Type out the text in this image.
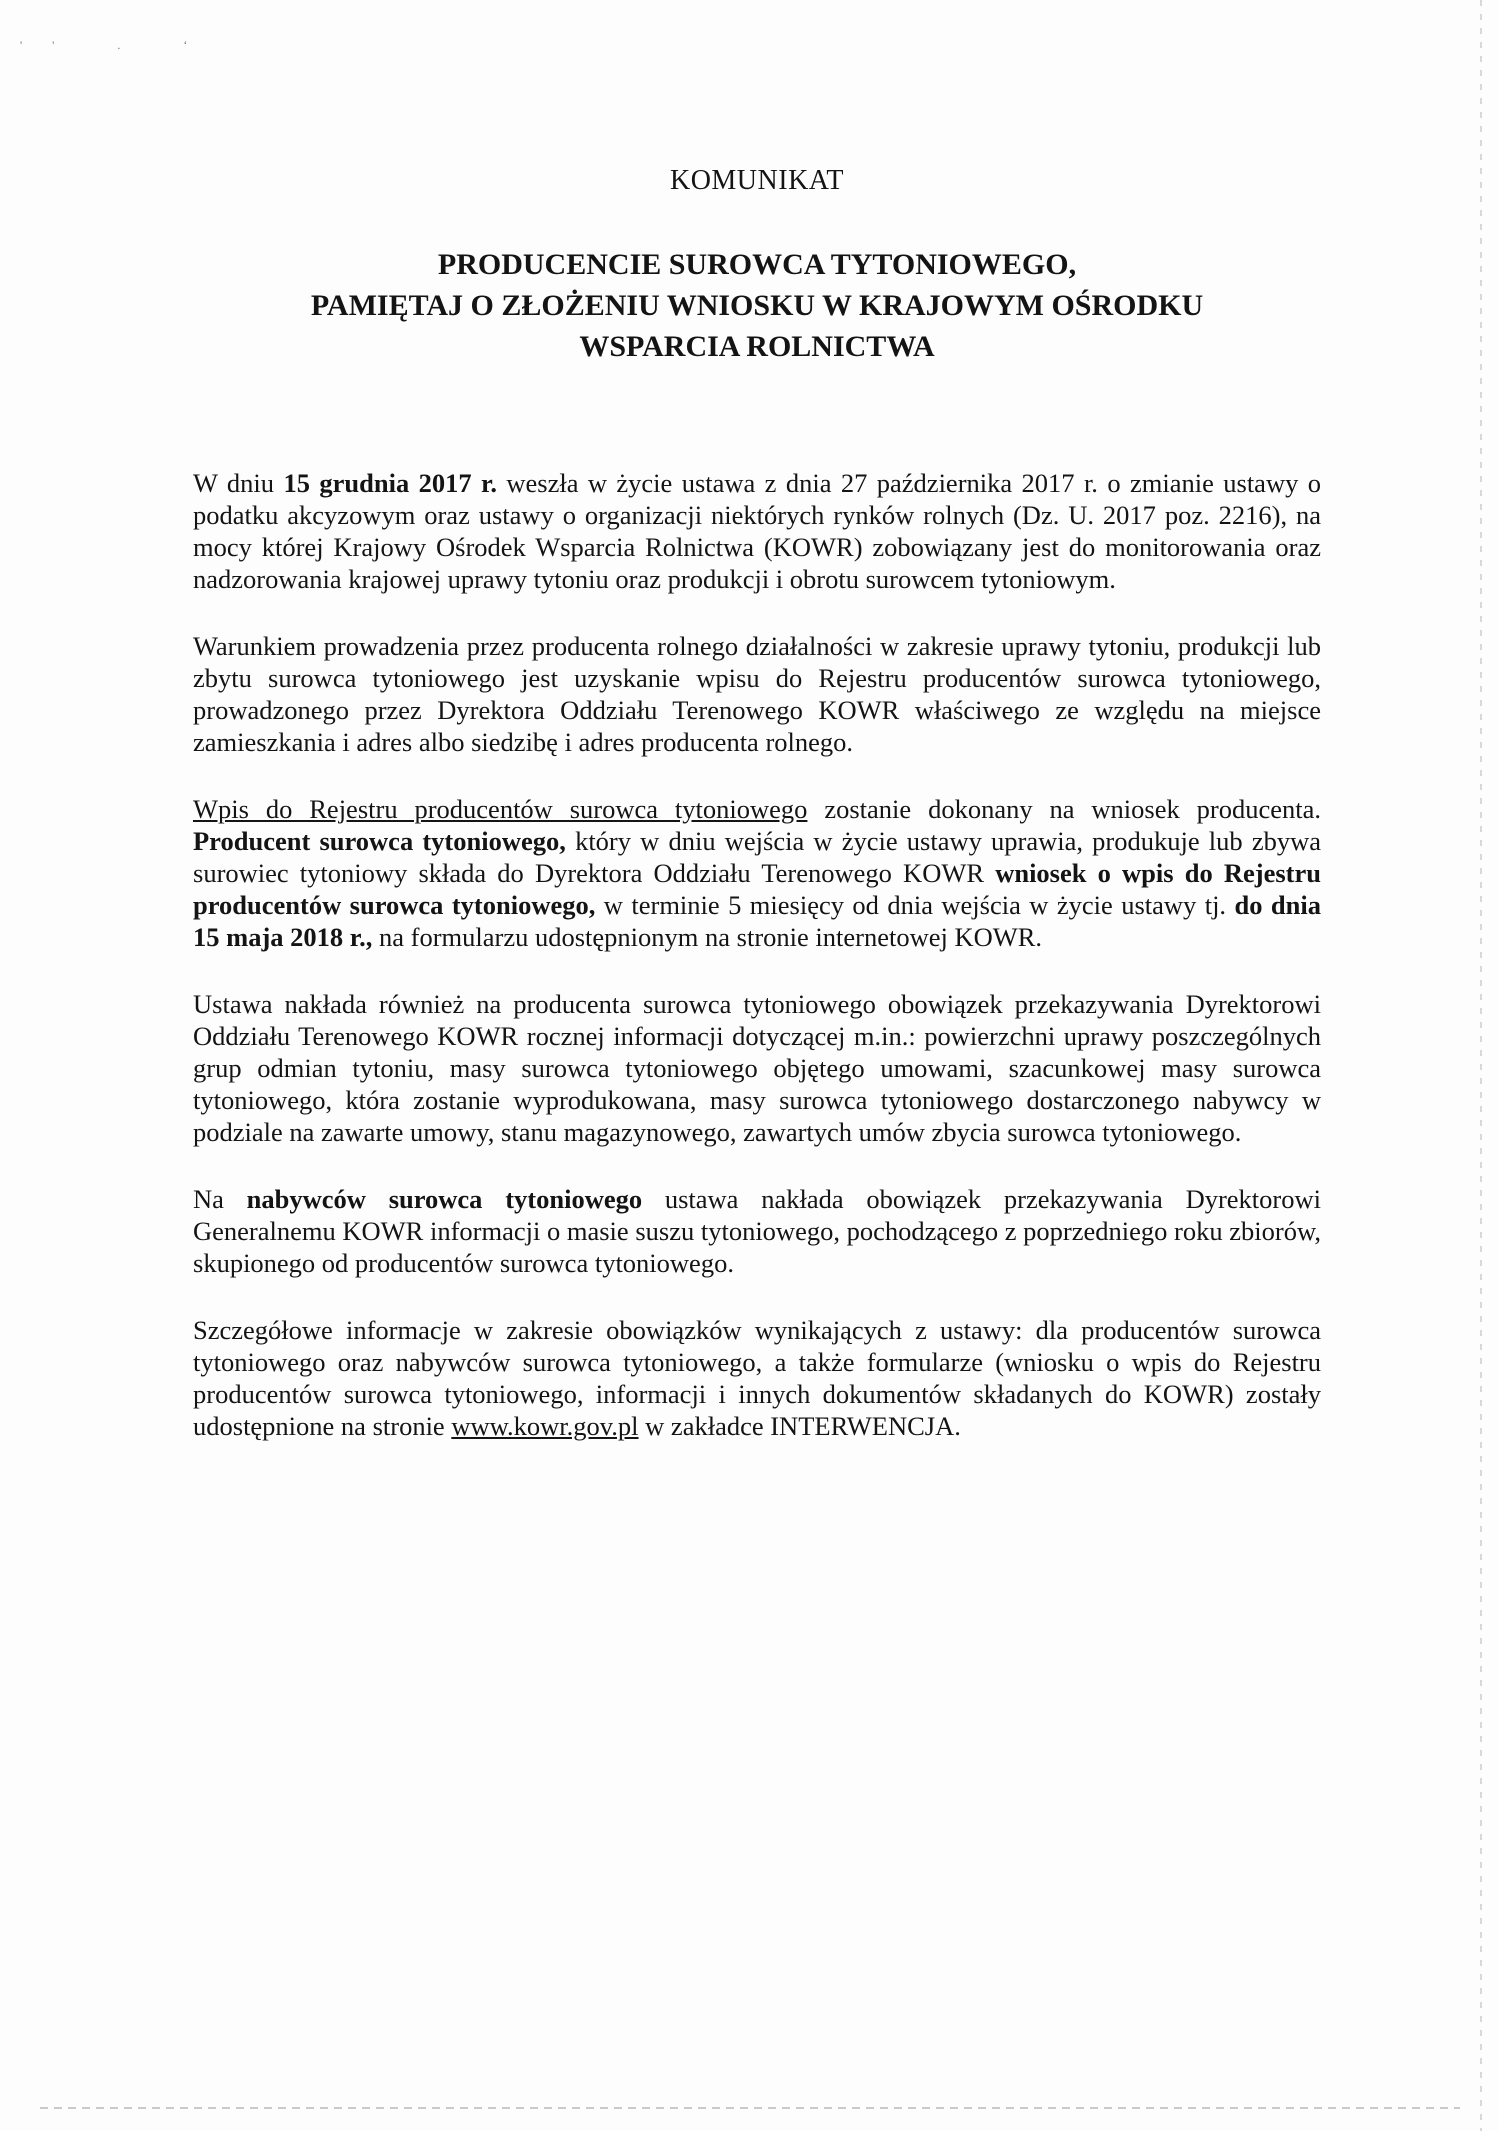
'' . ʻ
KOMUNIKAT
PRODUCENCIE SUROWCA TYTONIOWEGO,
PAMIĘTAJ O ZŁOŻENIU WNIOSKU W KRAJOWYM OŚRODKU
WSPARCIA ROLNICTWA

W dniu 15 grudnia 2017 r. weszła w życie ustawa z dnia 27 października 2017 r. o zmianie ustawy o podatku akcyzowym oraz ustawy o organizacji niektórych rynków rolnych (Dz. U. 2017 poz. 2216), na mocy której Krajowy Ośrodek Wsparcia Rolnictwa (KOWR) zobowiązany jest do monitorowania oraz nadzorowania krajowej uprawy tytoniu oraz produkcji i obrotu surowcem tytoniowym.

Warunkiem prowadzenia przez producenta rolnego działalności w zakresie uprawy tytoniu, produkcji lub zbytu surowca tytoniowego jest uzyskanie wpisu do Rejestru producentów surowca tytoniowego, prowadzonego przez Dyrektora Oddziału Terenowego KOWR właściwego ze względu na miejsce zamieszkania i adres albo siedzibę i adres producenta rolnego.

Wpis do Rejestru producentów surowca tytoniowego zostanie dokonany na wniosek producenta. Producent surowca tytoniowego, który w dniu wejścia w życie ustawy uprawia, produkuje lub zbywa surowiec tytoniowy składa do Dyrektora Oddziału Terenowego KOWR wniosek o wpis do Rejestru producentów surowca tytoniowego, w terminie 5 miesięcy od dnia wejścia w życie ustawy tj. do dnia 15 maja 2018 r., na formularzu udostępnionym na stronie internetowej KOWR.

Ustawa nakłada również na producenta surowca tytoniowego obowiązek przekazywania Dyrektorowi Oddziału Terenowego KOWR rocznej informacji dotyczącej m.in.: powierzchni uprawy poszczególnych grup odmian tytoniu, masy surowca tytoniowego objętego umowami, szacunkowej masy surowca tytoniowego, która zostanie wyprodukowana, masy surowca tytoniowego dostarczonego nabywcy w podziale na zawarte umowy, stanu magazynowego, zawartych umów zbycia surowca tytoniowego.

Na nabywców surowca tytoniowego ustawa nakłada obowiązek przekazywania Dyrektorowi Generalnemu KOWR informacji o masie suszu tytoniowego, pochodzącego z poprzedniego roku zbiorów, skupionego od producentów surowca tytoniowego.

Szczegółowe informacje w zakresie obowiązków wynikających z ustawy: dla producentów surowca tytoniowego oraz nabywców surowca tytoniowego, a także formularze (wniosku o wpis do Rejestru producentów surowca tytoniowego, informacji i innych dokumentów składanych do KOWR) zostały udostępnione na stronie www.kowr.gov.pl w zakładce INTERWENCJA.
